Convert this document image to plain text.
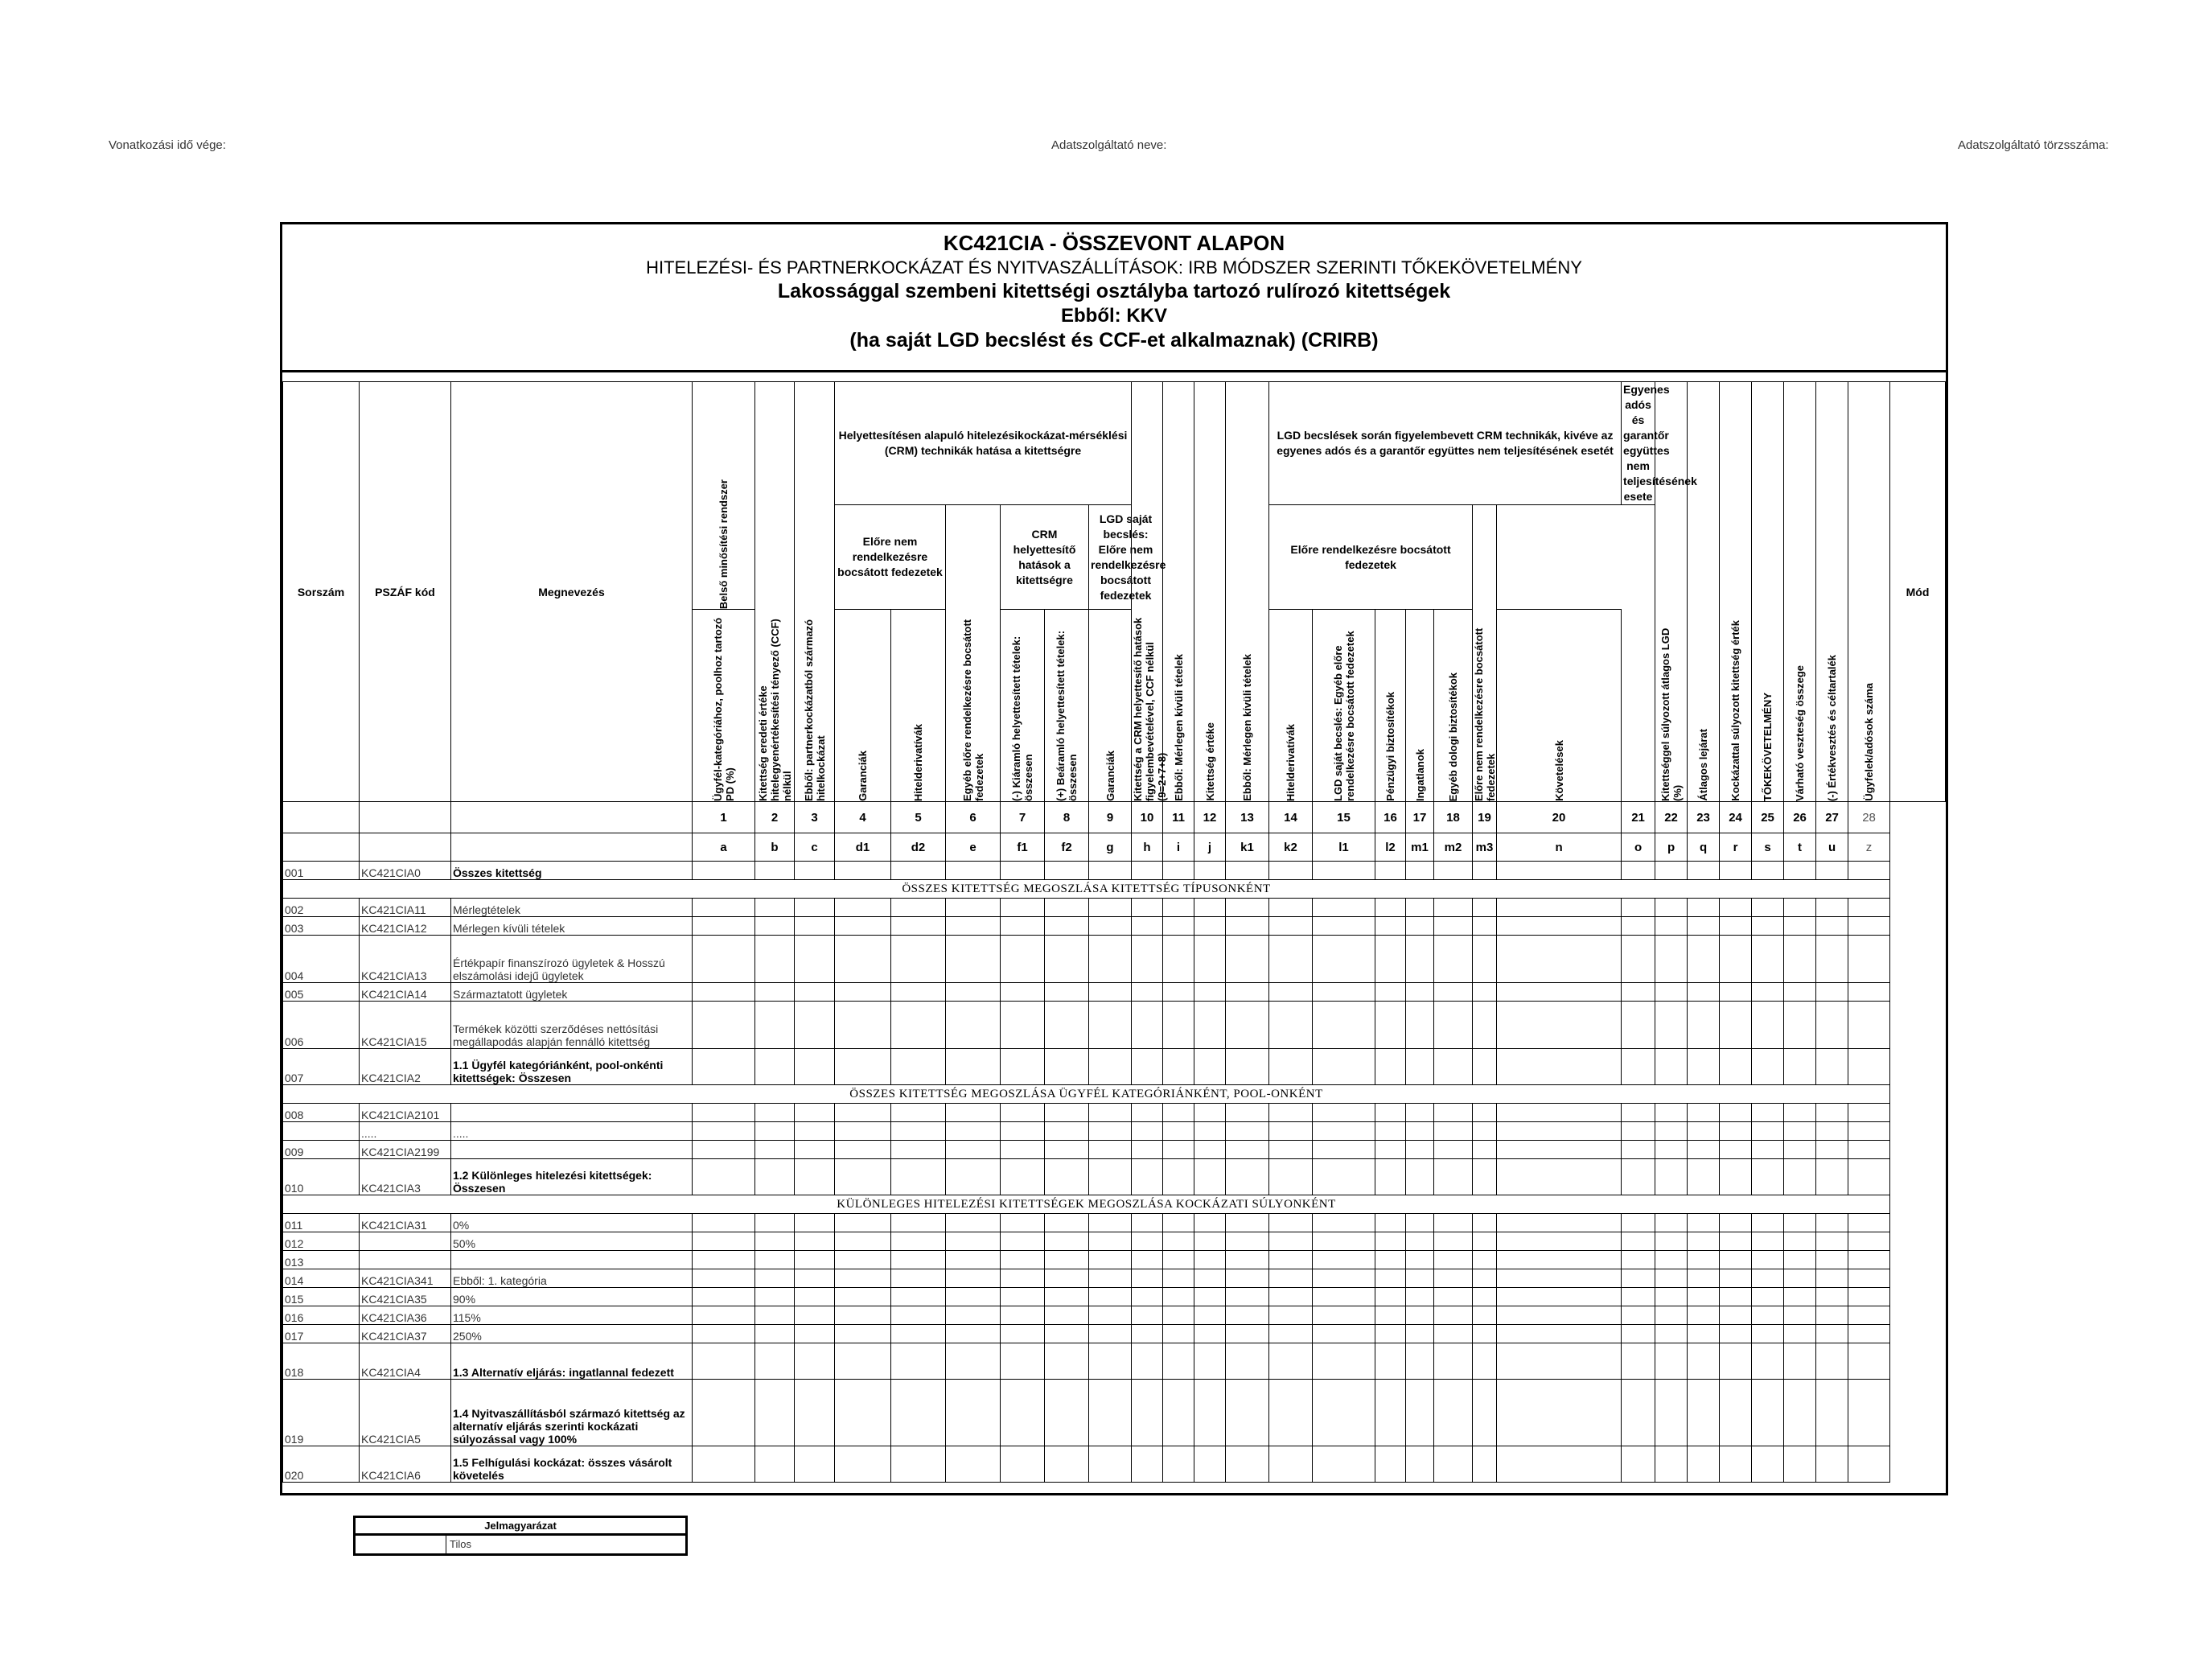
Vonatkozási idő vége:	Adatszolgáltató neve:	Adatszolgáltató törzsszáma:
KC421CIA - ÖSSZEVONT ALAPON
HITELEZÉSI- ÉS PARTNERKOCKÁZAT ÉS NYITVASZÁLLÍTÁSOK: IRB MÓDSZER SZERINTI TŐKEKÖVETELMÉNY
Lakossággal szembeni kitettségi osztályba tartozó rulírozó kitettségek
Ebből: KKV
(ha saját LGD becslést és CCF-et alkalmaznak) (CRIRB)
Sorszám	PSZÁF kód	Megnevezés	Belső minősítési rendszer	Kitettség eredeti értéke hitelegyenértékesítési tényező (CCF) nélkül	Ebből: partnerkockázatból származó hitelkockázat	Helyettesítésen alapuló hitelezésikockázat-mérséklési (CRM) technikák hatása a kitettségre						Kitettség a CRM helyettesítő hatások figyelembevételével, CCF nélkül (9=2+7+8)	Ebből: Mérlegen kívüli tételek	Kitettség értéke	Ebből: Mérlegen kívüli tételek	LGD becslések során figyelembevett CRM technikák, kivéve az egyenes adós és a garantőr együttes nem teljesítésének esetét							Egyenes adós és garantőr együttes nem teljesítésének esete	Kitettséggel súlyozott átlagos LGD (%)	Átlagos lejárat	Kockázattal súlyozott kitettség érték	TŐKEKÖVETELMÉNY	Várható veszteség összege	(-) Értékvesztés és céltartalék	Ügyfelek/adósok száma	Mód
						Előre nem rendelkezésre bocsátott fedezetek		Egyéb előre rendelkezésre bocsátott fedezetek	CRM helyettesítő hatások a kitettségre		LGD saját becslés: Előre nem rendelkezésre bocsátott fedezetek					Előre rendelkezésre bocsátott fedezetek					Előre nem rendelkezésre bocsátott fedezetek										

			Ügyfél-kategóriához, poolhoz tartozó PD (%)			Garanciák	Hitelderivatívák		(-) Kiáramló helyettesített tételek: összesen	(+) Beáramló helyettesített tételek: összesen	Garanciák					Hitelderivatívák	LGD saját becslés: Egyéb előre rendelkezésre bocsátott fedezetek	Pénzügyi biztosítékok	Ingatlanok	Egyéb dologi biztosítékok		Követelések									

			1	2	3	4	5	6	7	8	9	10	11	12	13	14	15	16	17	18	19	20	21	22	23	24	25	26	27	28	
			a	b	c	d1	d2	e	f1	f2	g	h	i	j	k1	k2	l1	l2	m1	m2	m3	n	o	p	q	r	s	t	u	z	
001	KC421CIA0	Összes kitettség																													
ÖSSZES KITETTSÉG MEGOSZLÁSA KITETTSÉG TÍPUSONKÉNT																															
002	KC421CIA11	Mérlegtételek																													
003	KC421CIA12	Mérlegen kívüli tételek																													
004	KC421CIA13	Értékpapír finanszírozó ügyletek & Hosszú elszámolási idejű ügyletek																													
005	KC421CIA14	Származtatott ügyletek																													
006	KC421CIA15	Termékek közötti szerződéses nettósítási megállapodás alapján fennálló kitettség																													
007	KC421CIA2	1.1 Ügyfél kategóriánként, pool-onkénti kitettségek: Összesen																													
ÖSSZES KITETTSÉG MEGOSZLÁSA ÜGYFÉL KATEGÓRIÁNKÉNT, POOL-ONKÉNT																															
008	KC421CIA2101																														
	.....	.....																													
009	KC421CIA2199																														
010	KC421CIA3	1.2 Különleges hitelezési kitettségek: Összesen																													
KÜLÖNLEGES HITELEZÉSI KITETTSÉGEK MEGOSZLÁSA KOCKÁZATI SÚLYONKÉNT																															
011	KC421CIA31	0%																													
012		50%																													
013																															
014	KC421CIA341	Ebből: 1. kategória																													
015	KC421CIA35	90%																													
016	KC421CIA36	115%																													
017	KC421CIA37	250%																													
018	KC421CIA4	1.3 Alternatív eljárás: ingatlannal fedezett																													
019	KC421CIA5	1.4 Nyitvaszállításból származó kitettség az alternatív eljárás szerinti kockázati súlyozással vagy 100%																													
020	KC421CIA6	1.5 Felhígulási kockázat: összes vásárolt követelés																													
Jelmagyarázat
Tilos
